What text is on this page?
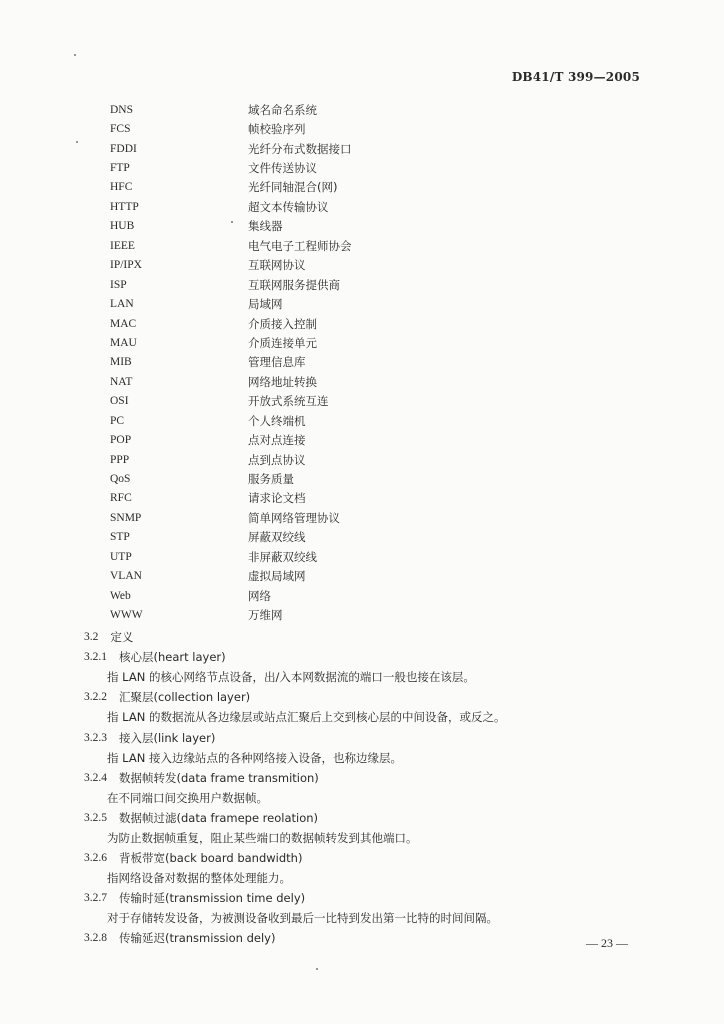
DB41/T 399—2005
DNS	域名命名系统
FCS	帧校验序列
FDDI	光纤分布式数据接口
FTP	文件传送协议
HFC	光纤同轴混合(网)
HTTP	超文本传输协议
HUB	集线器
IEEE	电气电子工程师协会
IP/IPX	互联网协议
ISP	互联网服务提供商
LAN	局域网
MAC	介质接入控制
MAU	介质连接单元
MIB	管理信息库
NAT	网络地址转换
OSI	开放式系统互连
PC	个人终端机
POP	点对点连接
PPP	点到点协议
QoS	服务质量
RFC	请求论文档
SNMP	简单网络管理协议
STP	屏蔽双绞线
UTP	非屏蔽双绞线
VLAN	虚拟局域网
Web	网络
WWW	万维网
3.2 定义
3.2.1 核心层(heart layer)
指 LAN 的核心网络节点设备，出/入本网数据流的端口一般也接在该层。
3.2.2 汇聚层(collection layer)
指 LAN 的数据流从各边缘层或站点汇聚后上交到核心层的中间设备，或反之。
3.2.3 接入层(link layer)
指 LAN 接入边缘站点的各种网络接入设备，也称边缘层。
3.2.4 数据帧转发(data frame transmition)
在不同端口间交换用户数据帧。
3.2.5 数据帧过滤(data framepe reolation)
为防止数据帧重复，阻止某些端口的数据帧转发到其他端口。
3.2.6 背板带宽(back board bandwidth)
指网络设备对数据的整体处理能力。
3.2.7 传输时延(transmission time dely)
对于存储转发设备，为被测设备收到最后一比特到发出第一比特的时间间隔。
3.2.8 传输延迟(transmission dely)	— 23 —
